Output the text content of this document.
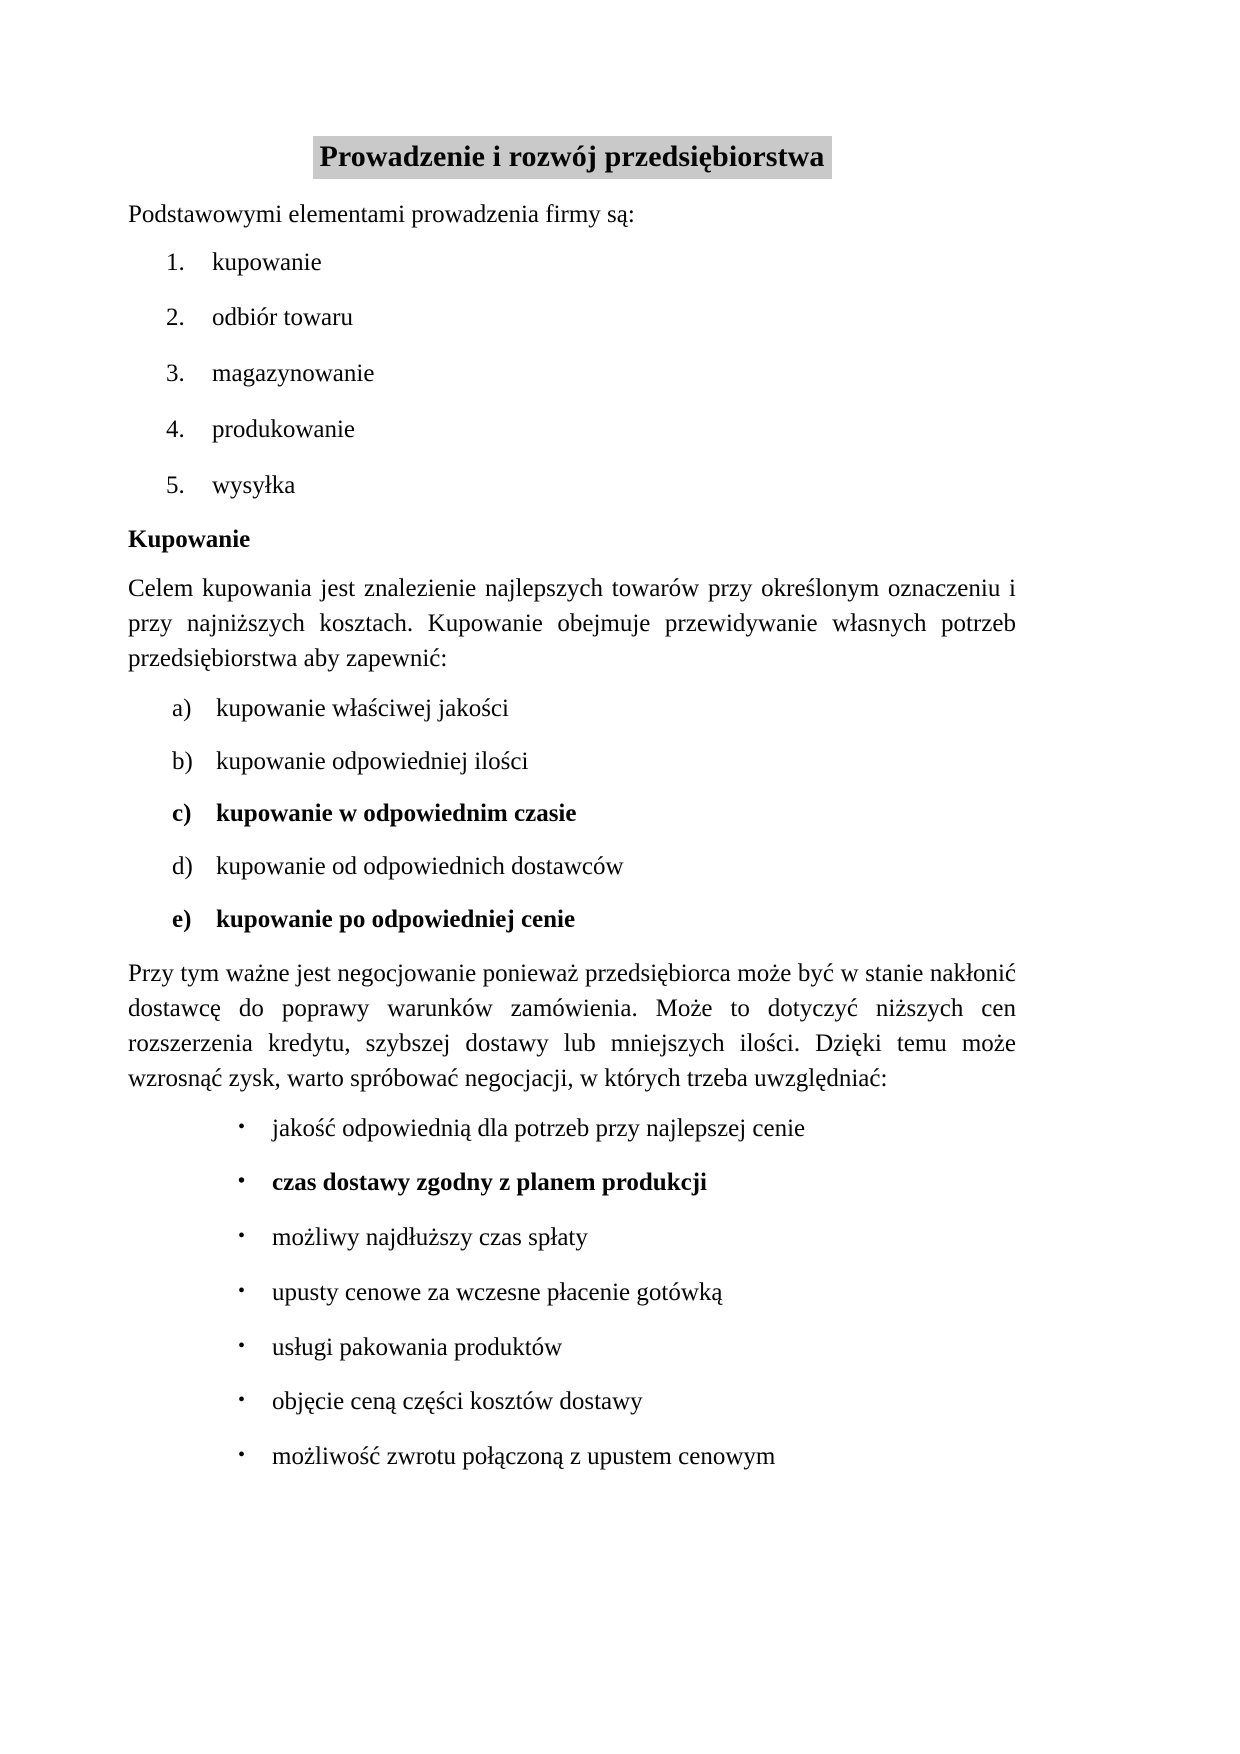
Prowadzenie i rozwój przedsiębiorstwa

Podstawowymi elementami prowadzenia firmy są:

1.	kupowanie
2.	odbiór towaru
3.	magazynowanie
4.	produkowanie
5.	wysyłka

Kupowanie

Celem kupowania jest znalezienie najlepszych towarów przy określonym oznaczeniu i przy najniższych kosztach. Kupowanie obejmuje przewidywanie własnych potrzeb przedsiębiorstwa aby zapewnić:

a) kupowanie właściwej jakości
b) kupowanie odpowiedniej ilości
c) kupowanie w odpowiednim czasie
d) kupowanie od odpowiednich dostawców
e) kupowanie po odpowiedniej cenie

Przy tym ważne jest negocjowanie ponieważ przedsiębiorca może być w stanie nakłonić dostawcę do poprawy warunków zamówienia. Może to dotyczyć niższych cen rozszerzenia kredytu, szybszej dostawy lub mniejszych ilości. Dzięki temu może wzrosnąć zysk, warto spróbować negocjacji, w których trzeba uwzględniać:

•	jakość odpowiednią dla potrzeb przy najlepszej cenie
•	czas dostawy zgodny z planem produkcji
•	możliwy najdłuższy czas spłaty
•	upusty cenowe za wczesne płacenie gotówką
•	usługi pakowania produktów
•	objęcie ceną części kosztów dostawy
•	możliwość zwrotu połączoną z upustem cenowym
